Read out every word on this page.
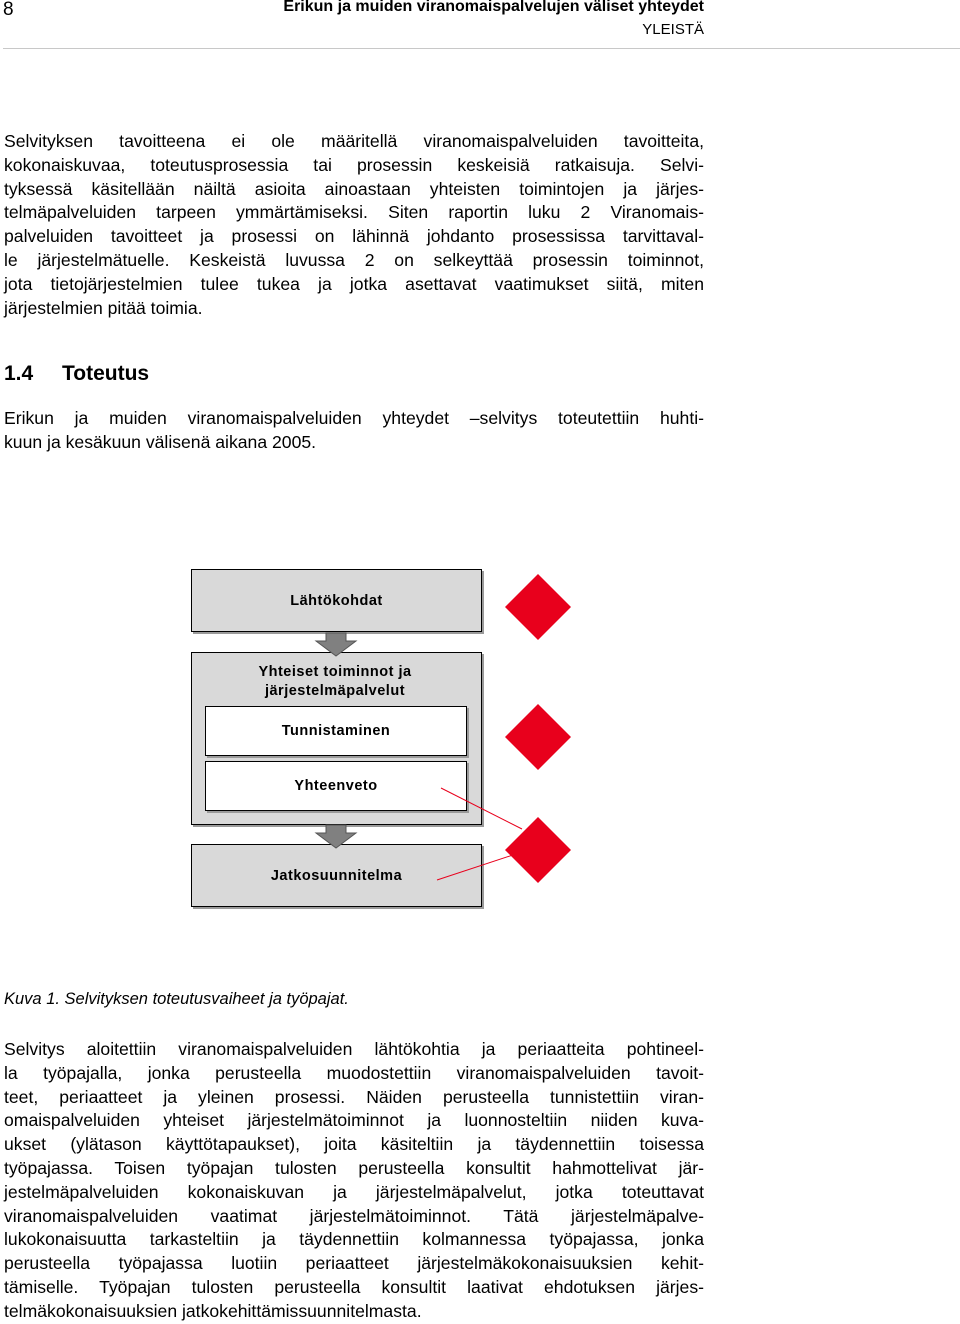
8	Erikun ja muiden viranomaispalvelujen väliset yhteydet
YLEISTÄ
Selvityksen tavoitteena ei ole määritellä viranomaispalveluiden tavoitteita,
kokonaiskuvaa, toteutusprosessia tai prosessin keskeisiä ratkaisuja. Selvi-
tyksessä käsitellään näiltä asioita ainoastaan yhteisten toimintojen ja järjes-
telmäpalveluiden tarpeen ymmärtämiseksi. Siten raportin luku 2 Viranomais-
palveluiden tavoitteet ja prosessi on lähinnä johdanto prosessissa tarvittaval-
le järjestelmätuelle. Keskeistä luvussa 2 on selkeyttää prosessin toiminnot,
jota tietojärjestelmien tulee tukea ja jotka asettavat vaatimukset siitä, miten
järjestelmien pitää toimia.
1.4 Toteutus
Erikun ja muiden viranomaispalveluiden yhteydet –selvitys toteutettiin huhti-
kuun ja kesäkuun välisenä aikana 2005.
Lähtökohdat
Yhteiset toiminnot ja
järjestelmäpalvelut
Tunnistaminen
Yhteenveto
Jatkosuunnitelma
Kuva 1. Selvityksen toteutusvaiheet ja työpajat.
Selvitys aloitettiin viranomaispalveluiden lähtökohtia ja periaatteita pohtineel-
la työpajalla, jonka perusteella muodostettiin viranomaispalveluiden tavoit-
teet, periaatteet ja yleinen prosessi. Näiden perusteella tunnistettiin viran-
omaispalveluiden yhteiset järjestelmätoiminnot ja luonnosteltiin niiden kuva-
ukset (ylätason käyttötapaukset), joita käsiteltiin ja täydennettiin toisessa
työpajassa. Toisen työpajan tulosten perusteella konsultit hahmottelivat jär-
jestelmäpalveluiden kokonaiskuvan ja järjestelmäpalvelut, jotka toteuttavat
viranomaispalveluiden vaatimat järjestelmätoiminnot. Tätä järjestelmäpalve-
lukokonaisuutta tarkasteltiin ja täydennettiin kolmannessa työpajassa, jonka
perusteella työpajassa luotiin periaatteet järjestelmäkokonaisuuksien kehit-
tämiselle. Työpajan tulosten perusteella konsultit laativat ehdotuksen järjes-
telmäkokonaisuuksien jatkokehittämissuunnitelmasta.
